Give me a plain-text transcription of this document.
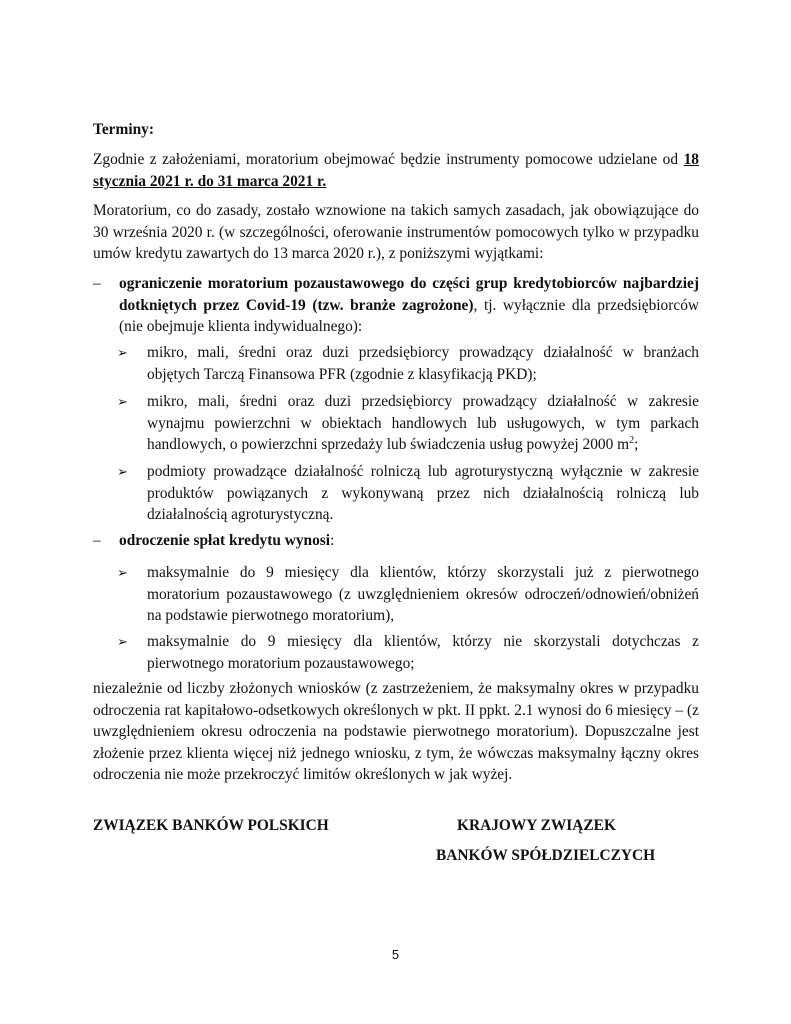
Terminy:
Zgodnie z założeniami, moratorium obejmować będzie instrumenty pomocowe udzielane od 18 stycznia 2021 r. do 31 marca 2021 r.
Moratorium, co do zasady, zostało wznowione na takich samych zasadach, jak obowiązujące do 30 września 2020 r. (w szczególności, oferowanie instrumentów pomocowych tylko w przypadku umów kredytu zawartych do 13 marca 2020 r.), z poniższymi wyjątkami:
– ograniczenie moratorium pozaustawowego do części grup kredytobiorców najbardziej dotkniętych przez Covid-19 (tzw. branże zagrożone), tj. wyłącznie dla przedsiębiorców (nie obejmuje klienta indywidualnego):
➢ mikro, mali, średni oraz duzi przedsiębiorcy prowadzący działalność w branżach objętych Tarczą Finansowa PFR (zgodnie z klasyfikacją PKD);
➢ mikro, mali, średni oraz duzi przedsiębiorcy prowadzący działalność w zakresie wynajmu powierzchni w obiektach handlowych lub usługowych, w tym parkach handlowych, o powierzchni sprzedaży lub świadczenia usług powyżej 2000 $m^2$;
➢ podmioty prowadzące działalność rolniczą lub agroturystyczną wyłącznie w zakresie produktów powiązanych z wykonywaną przez nich działalnością rolniczą lub działalnością agroturystyczną.
– odroczenie spłat kredytu wynosi:
➢ maksymalnie do 9 miesięcy dla klientów, którzy skorzystali już z pierwotnego moratorium pozaustawowego (z uwzględnieniem okresów odroczeń/odnowień/obniżeń na podstawie pierwotnego moratorium),
➢ maksymalnie do 9 miesięcy dla klientów, którzy nie skorzystali dotychczas z pierwotnego moratorium pozaustawowego;
niezależnie od liczby złożonych wniosków (z zastrzeżeniem, że maksymalny okres w przypadku odroczenia rat kapitałowo-odsetkowych określonych w pkt. II ppkt. 2.1 wynosi do 6 miesięcy – (z uwzględnieniem okresu odroczenia na podstawie pierwotnego moratorium). Dopuszczalne jest złożenie przez klienta więcej niż jednego wniosku, z tym, że wówczas maksymalny łączny okres odroczenia nie może przekroczyć limitów określonych w jak wyżej.
ZWIĄZEK BANKÓW POLSKICH	KRAJOWY ZWIĄZEK
BANKÓW SPÓŁDZIELCZYCH
5
